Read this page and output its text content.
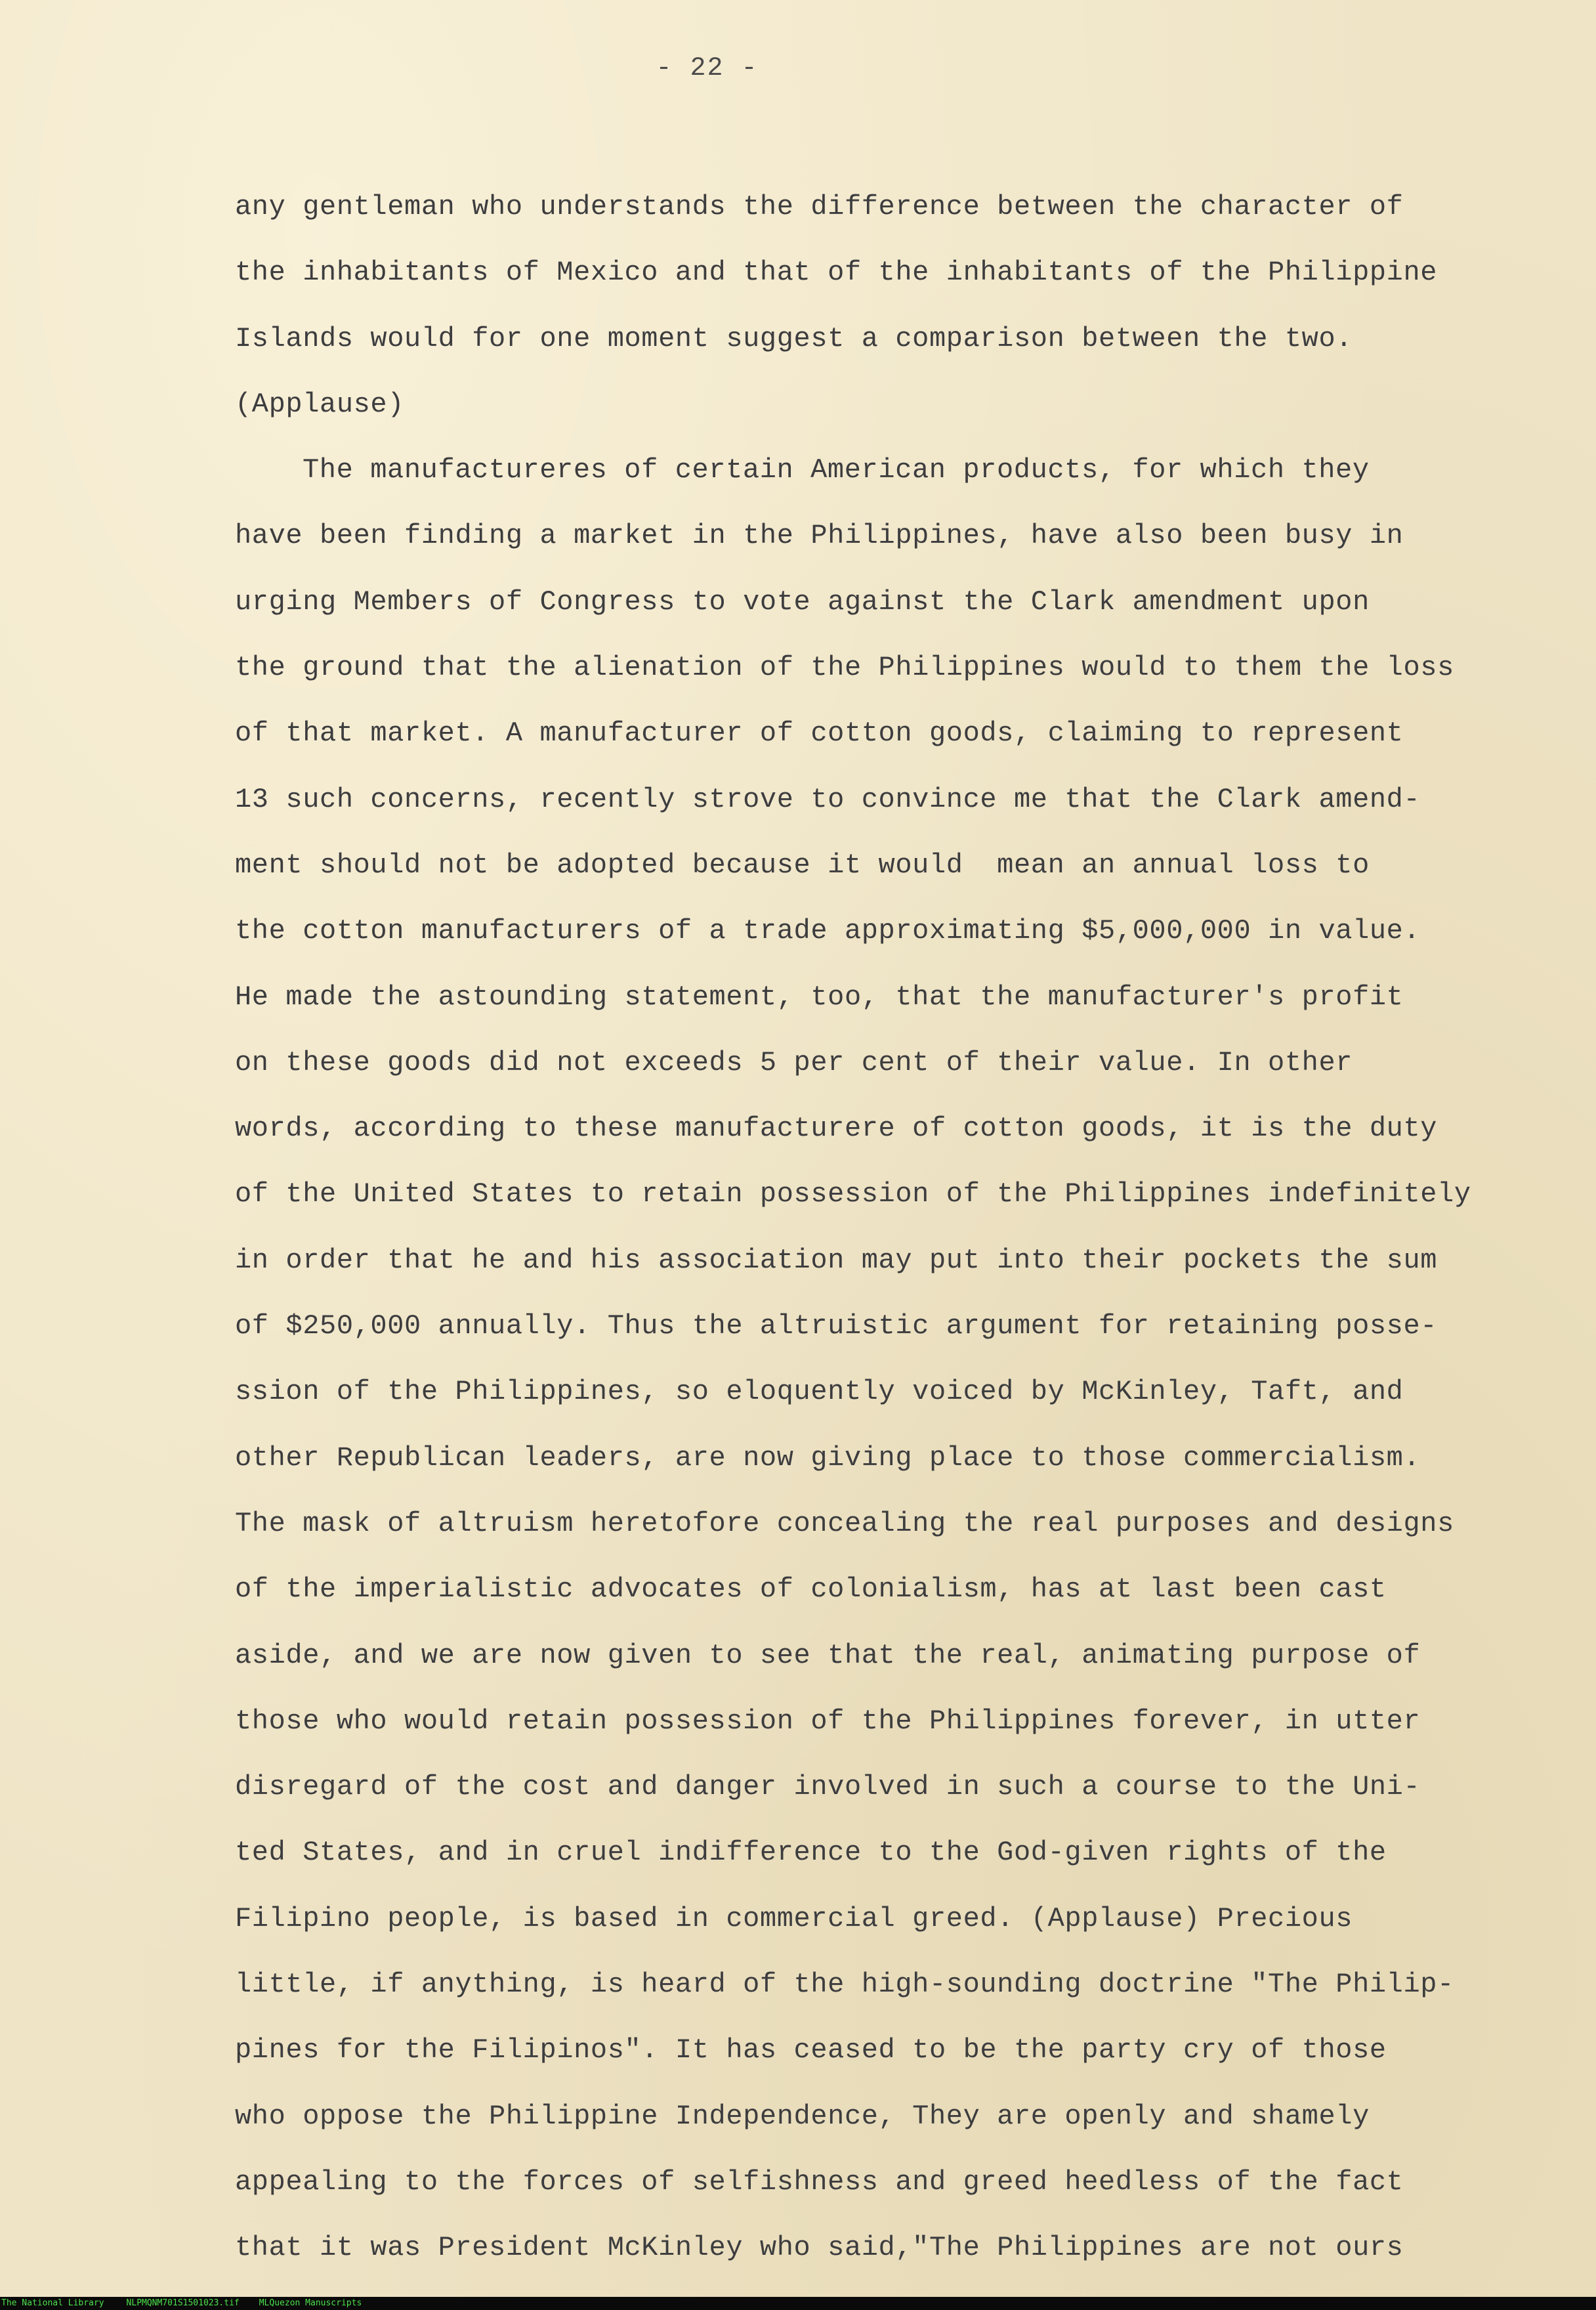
- 22 -
any gentleman who understands the difference between the character of
the inhabitants of Mexico and that of the inhabitants of the Philippine
Islands would for one moment suggest a comparison between the two.
(Applause)
The manufactureres of certain American products, for which they
have been finding a market in the Philippines, have also been busy in
urging Members of Congress to vote against the Clark amendment upon
the ground that the alienation of the Philippines would to them the loss
of that market. A manufacturer of cotton goods, claiming to represent
13 such concerns, recently strove to convince me that the Clark amend-
ment should not be adopted because it would  mean an annual loss to
the cotton manufacturers of a trade approximating $5,000,000 in value.
He made the astounding statement, too, that the manufacturer's profit
on these goods did not exceeds 5 per cent of their value. In other
words, according to these manufacturere of cotton goods, it is the duty
of the United States to retain possession of the Philippines indefinitely
in order that he and his association may put into their pockets the sum
of $250,000 annually. Thus the altruistic argument for retaining posse-
ssion of the Philippines, so eloquently voiced by McKinley, Taft, and
other Republican leaders, are now giving place to those commercialism.
The mask of altruism heretofore concealing the real purposes and designs
of the imperialistic advocates of colonialism, has at last been cast
aside, and we are now given to see that the real, animating purpose of
those who would retain possession of the Philippines forever, in utter
disregard of the cost and danger involved in such a course to the Uni-
ted States, and in cruel indifference to the God-given rights of the
Filipino people, is based in commercial greed. (Applause) Precious
little, if anything, is heard of the high-sounding doctrine "The Philip-
pines for the Filipinos". It has ceased to be the party cry of those
who oppose the Philippine Independence, They are openly and shamely
appealing to the forces of selfishness and greed heedless of the fact
that it was President McKinley who said,"The Philippines are not ours
The National Library	NLPMQNM701S1501023.tif MLQuezon Manuscripts
